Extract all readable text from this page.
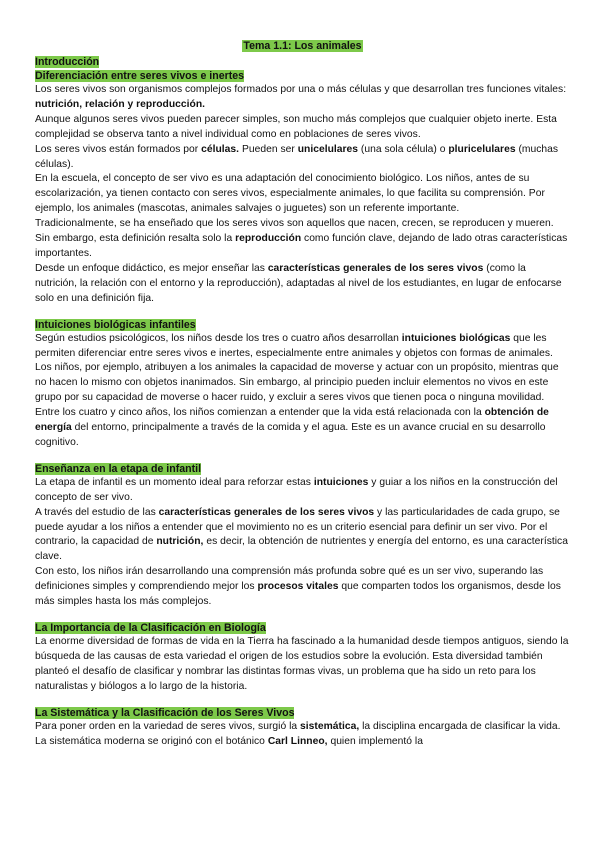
Tema 1.1: Los animales
Introducción
Diferenciación entre seres vivos e inertes

Los seres vivos son organismos complejos formados por una o más células y que desarrollan tres funciones vitales: nutrición, relación y reproducción.

Aunque algunos seres vivos pueden parecer simples, son mucho más complejos que cualquier objeto inerte. Esta complejidad se observa tanto a nivel individual como en poblaciones de seres vivos.

Los seres vivos están formados por células. Pueden ser unicelulares (una sola célula) o pluricelulares (muchas células).

En la escuela, el concepto de ser vivo es una adaptación del conocimiento biológico. Los niños, antes de su escolarización, ya tienen contacto con seres vivos, especialmente animales, lo que facilita su comprensión. Por ejemplo, los animales (mascotas, animales salvajes o juguetes) son un referente importante.

Tradicionalmente, se ha enseñado que los seres vivos son aquellos que nacen, crecen, se reproducen y mueren. Sin embargo, esta definición resalta solo la reproducción como función clave, dejando de lado otras características importantes.

Desde un enfoque didáctico, es mejor enseñar las características generales de los seres vivos (como la nutrición, la relación con el entorno y la reproducción), adaptadas al nivel de los estudiantes, en lugar de enfocarse solo en una definición fija.

Intuiciones biológicas infantiles

Según estudios psicológicos, los niños desde los tres o cuatro años desarrollan intuiciones biológicas que les permiten diferenciar entre seres vivos e inertes, especialmente entre animales y objetos con formas de animales.

Los niños, por ejemplo, atribuyen a los animales la capacidad de moverse y actuar con un propósito, mientras que no hacen lo mismo con objetos inanimados. Sin embargo, al principio pueden incluir elementos no vivos en este grupo por su capacidad de moverse o hacer ruido, y excluir a seres vivos que tienen poca o ninguna movilidad.

Entre los cuatro y cinco años, los niños comienzan a entender que la vida está relacionada con la obtención de energía del entorno, principalmente a través de la comida y el agua. Este es un avance crucial en su desarrollo cognitivo.

Enseñanza en la etapa de infantil

La etapa de infantil es un momento ideal para reforzar estas intuiciones y guiar a los niños en la construcción del concepto de ser vivo.

A través del estudio de las características generales de los seres vivos y las particularidades de cada grupo, se puede ayudar a los niños a entender que el movimiento no es un criterio esencial para definir un ser vivo. Por el contrario, la capacidad de nutrición, es decir, la obtención de nutrientes y energía del entorno, es una característica clave.

Con esto, los niños irán desarrollando una comprensión más profunda sobre qué es un ser vivo, superando las definiciones simples y comprendiendo mejor los procesos vitales que comparten todos los organismos, desde los más simples hasta los más complejos.

La Importancia de la Clasificación en Biología

La enorme diversidad de formas de vida en la Tierra ha fascinado a la humanidad desde tiempos antiguos, siendo la búsqueda de las causas de esta variedad el origen de los estudios sobre la evolución. Esta diversidad también planteó el desafío de clasificar y nombrar las distintas formas vivas, un problema que ha sido un reto para los naturalistas y biólogos a lo largo de la historia.

La Sistemática y la Clasificación de los Seres Vivos

Para poner orden en la variedad de seres vivos, surgió la sistemática, la disciplina encargada de clasificar la vida. La sistemática moderna se originó con el botánico Carl Linneo, quien implementó la
